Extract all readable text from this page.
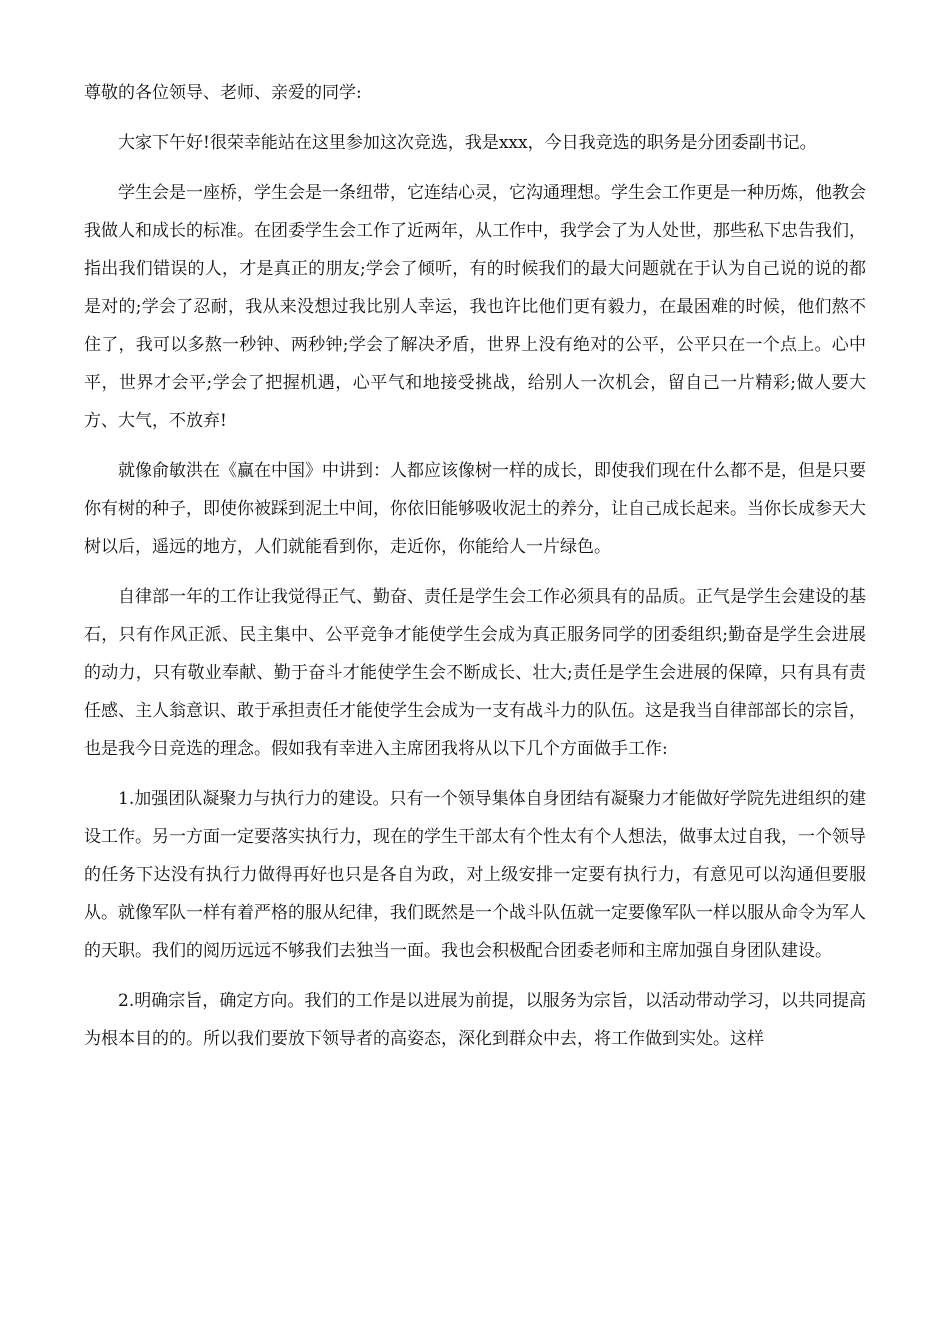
尊敬的各位领导、老师、亲爱的同学:

大家下午好!很荣幸能站在这里参加这次竞选，我是xxx，今日我竞选的职务是分团委副书记。

学生会是一座桥，学生会是一条纽带，它连结心灵，它沟通理想。学生会工作更是一种历炼，他教会我做人和成长的标准。在团委学生会工作了近两年，从工作中，我学会了为人处世，那些私下忠告我们，指出我们错误的人，才是真正的朋友;学会了倾听，有的时候我们的最大问题就在于认为自己说的说的都是对的;学会了忍耐，我从来没想过我比别人幸运，我也许比他们更有毅力，在最困难的时候，他们熬不住了，我可以多熬一秒钟、两秒钟;学会了解决矛盾，世界上没有绝对的公平，公平只在一个点上。心中平，世界才会平;学会了把握机遇，心平气和地接受挑战，给别人一次机会，留自己一片精彩;做人要大方、大气，不放弃!

就像俞敏洪在《赢在中国》中讲到：人都应该像树一样的成长，即使我们现在什么都不是，但是只要你有树的种子，即使你被踩到泥土中间，你依旧能够吸收泥土的养分，让自己成长起来。当你长成参天大树以后，遥远的地方，人们就能看到你，走近你，你能给人一片绿色。

自律部一年的工作让我觉得正气、勤奋、责任是学生会工作必须具有的品质。正气是学生会建设的基石，只有作风正派、民主集中、公平竞争才能使学生会成为真正服务同学的团委组织;勤奋是学生会进展的动力，只有敬业奉献、勤于奋斗才能使学生会不断成长、壮大;责任是学生会进展的保障，只有具有责任感、主人翁意识、敢于承担责任才能使学生会成为一支有战斗力的队伍。这是我当自律部部长的宗旨，也是我今日竞选的理念。假如我有幸进入主席团我将从以下几个方面做手工作:

1.加强团队凝聚力与执行力的建设。只有一个领导集体自身团结有凝聚力才能做好学院先进组织的建设工作。另一方面一定要落实执行力，现在的学生干部太有个性太有个人想法，做事太过自我，一个领导的任务下达没有执行力做得再好也只是各自为政，对上级安排一定要有执行力，有意见可以沟通但要服从。就像军队一样有着严格的服从纪律，我们既然是一个战斗队伍就一定要像军队一样以服从命令为军人的天职。我们的阅历远远不够我们去独当一面。我也会积极配合团委老师和主席加强自身团队建设。

2.明确宗旨，确定方向。我们的工作是以进展为前提，以服务为宗旨，以活动带动学习，以共同提高为根本目的的。所以我们要放下领导者的高姿态，深化到群众中去，将工作做到实处。这样
